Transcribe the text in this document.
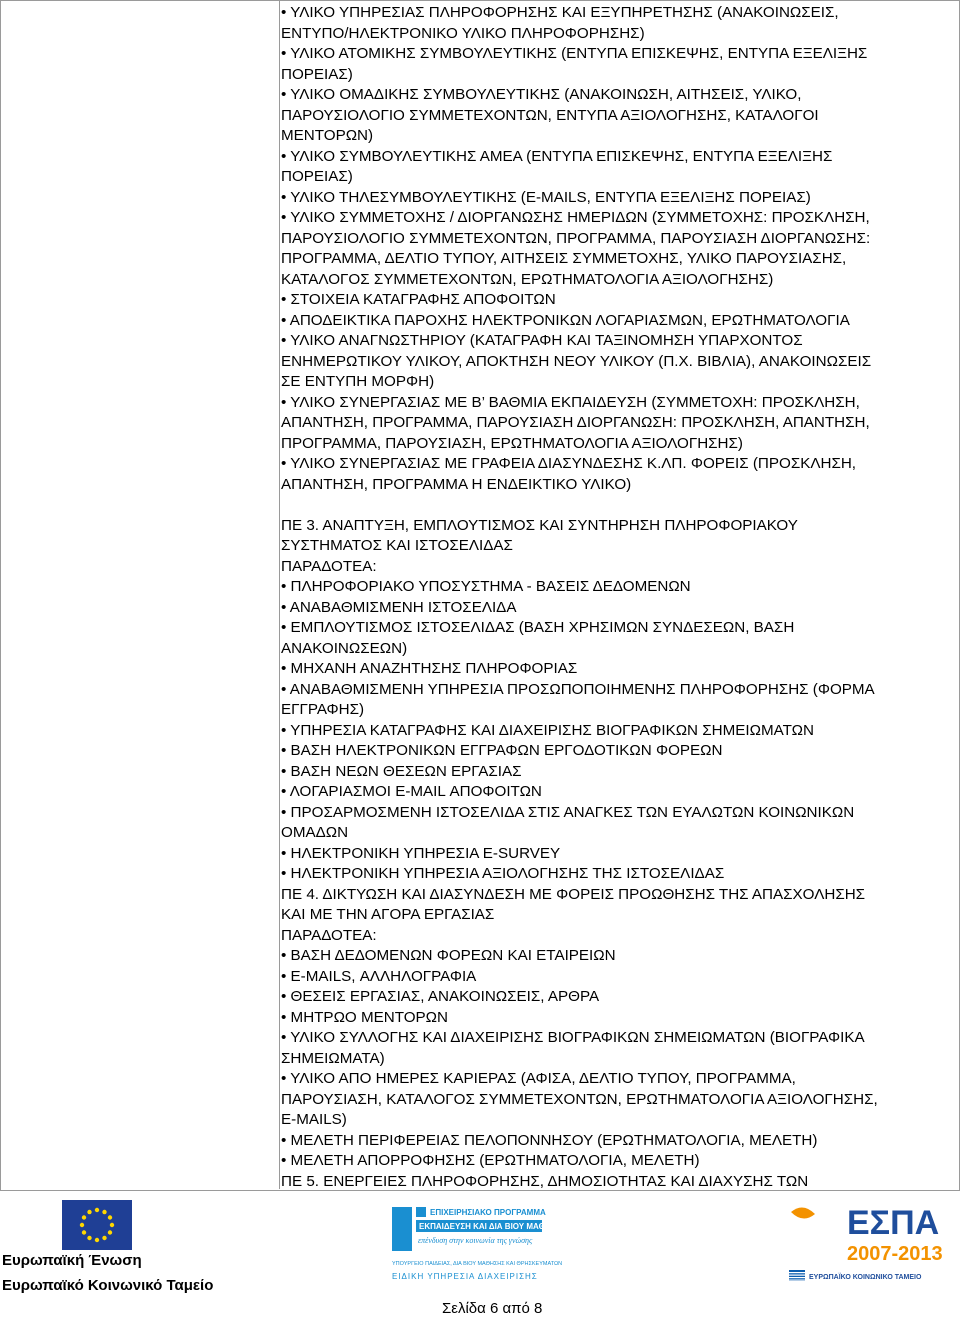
• ΥΛΙΚΟ ΥΠΗΡΕΣΙΑΣ ΠΛΗΡΟΦΟΡΗΣΗΣ ΚΑΙ ΕΞΥΠΗΡΕΤΗΣΗΣ (ΑΝΑΚΟΙΝΩΣΕΙΣ,
ΕΝΤΥΠΟ/ΗΛΕΚΤΡΟΝΙΚΟ ΥΛΙΚΟ ΠΛΗΡΟΦΟΡΗΣΗΣ)
• ΥΛΙΚΟ ΑΤΟΜΙΚΗΣ ΣΥΜΒΟΥΛΕΥΤΙΚΗΣ (ΕΝΤΥΠΑ ΕΠΙΣΚΕΨΗΣ, ΕΝΤΥΠΑ ΕΞΕΛΙΞΗΣ
ΠΟΡΕΙΑΣ)
• ΥΛΙΚΟ ΟΜΑΔΙΚΗΣ ΣΥΜΒΟΥΛΕΥΤΙΚΗΣ (ΑΝΑΚΟΙΝΩΣΗ, ΑΙΤΗΣΕΙΣ, ΥΛΙΚΟ,
ΠΑΡΟΥΣΙΟΛΟΓΙΟ ΣΥΜΜΕΤΕΧΟΝΤΩΝ, ΕΝΤΥΠΑ ΑΞΙΟΛΟΓΗΣΗΣ, ΚΑΤΑΛΟΓΟΙ
ΜΕΝΤΟΡΩΝ)
• ΥΛΙΚΟ ΣΥΜΒΟΥΛΕΥΤΙΚΗΣ ΑΜΕΑ (ΕΝΤΥΠΑ ΕΠΙΣΚΕΨΗΣ, ΕΝΤΥΠΑ ΕΞΕΛΙΞΗΣ
ΠΟΡΕΙΑΣ)
• ΥΛΙΚΟ ΤΗΛΕΣΥΜΒΟΥΛΕΥΤΙΚΗΣ (E-MAILS, ΕΝΤΥΠΑ ΕΞΕΛΙΞΗΣ ΠΟΡΕΙΑΣ)
• ΥΛΙΚΟ ΣΥΜΜΕΤΟΧΗΣ / ΔΙΟΡΓΑΝΩΣΗΣ ΗΜΕΡΙΔΩΝ (ΣΥΜΜΕΤΟΧΗΣ: ΠΡΟΣΚΛΗΣΗ,
ΠΑΡΟΥΣΙΟΛΟΓΙΟ ΣΥΜΜΕΤΕΧΟΝΤΩΝ, ΠΡΟΓΡΑΜΜΑ, ΠΑΡΟΥΣΙΑΣΗ ΔΙΟΡΓΑΝΩΣΗΣ:
ΠΡΟΓΡΑΜΜΑ, ΔΕΛΤΙΟ ΤΥΠΟΥ, ΑΙΤΗΣΕΙΣ ΣΥΜΜΕΤΟΧΗΣ, ΥΛΙΚΟ ΠΑΡΟΥΣΙΑΣΗΣ,
ΚΑΤΑΛΟΓΟΣ ΣΥΜΜΕΤΕΧΟΝΤΩΝ, ΕΡΩΤΗΜΑΤΟΛΟΓΙΑ ΑΞΙΟΛΟΓΗΣΗΣ)
• ΣΤΟΙΧΕΙΑ ΚΑΤΑΓΡΑΦΗΣ ΑΠΟΦΟΙΤΩΝ
• ΑΠΟΔΕΙΚΤΙΚΑ ΠΑΡΟΧΗΣ ΗΛΕΚΤΡΟΝΙΚΩΝ ΛΟΓΑΡΙΑΣΜΩΝ, ΕΡΩΤΗΜΑΤΟΛΟΓΙΑ
• ΥΛΙΚΟ ΑΝΑΓΝΩΣΤΗΡΙΟΥ (ΚΑΤΑΓΡΑΦΗ ΚΑΙ ΤΑΞΙΝΟΜΗΣΗ ΥΠΑΡΧΟΝΤΟΣ
ΕΝΗΜΕΡΩΤΙΚΟΥ ΥΛΙΚΟΥ, ΑΠΟΚΤΗΣΗ ΝΕΟΥ ΥΛΙΚΟΥ (Π.Χ. ΒΙΒΛΙΑ), ΑΝΑΚΟΙΝΩΣΕΙΣ
ΣΕ ΕΝΤΥΠΗ ΜΟΡΦΗ)
• ΥΛΙΚΟ ΣΥΝΕΡΓΑΣΙΑΣ ΜΕ Β’ ΒΑΘΜΙΑ ΕΚΠΑΙΔΕΥΣΗ (ΣΥΜΜΕΤΟΧΗ: ΠΡΟΣΚΛΗΣΗ,
ΑΠΑΝΤΗΣΗ, ΠΡΟΓΡΑΜΜΑ, ΠΑΡΟΥΣΙΑΣΗ ΔΙΟΡΓΑΝΩΣΗ: ΠΡΟΣΚΛΗΣΗ, ΑΠΑΝΤΗΣΗ,
ΠΡΟΓΡΑΜΜΑ, ΠΑΡΟΥΣΙΑΣΗ, ΕΡΩΤΗΜΑΤΟΛΟΓΙΑ ΑΞΙΟΛΟΓΗΣΗΣ)
• ΥΛΙΚΟ ΣΥΝΕΡΓΑΣΙΑΣ ΜΕ ΓΡΑΦΕΙΑ ΔΙΑΣΥΝΔΕΣΗΣ Κ.ΛΠ. ΦΟΡΕΙΣ (ΠΡΟΣΚΛΗΣΗ,
ΑΠΑΝΤΗΣΗ, ΠΡΟΓΡΑΜΜΑ Η ΕΝΔΕΙΚΤΙΚΟ ΥΛΙΚΟ)
ΠΕ 3. ΑΝΑΠΤΥΞΗ, ΕΜΠΛΟΥΤΙΣΜΟΣ ΚΑΙ ΣΥΝΤΗΡΗΣΗ ΠΛΗΡΟΦΟΡΙΑΚΟΥ
ΣΥΣΤΗΜΑΤΟΣ ΚΑΙ ΙΣΤΟΣΕΛΙΔΑΣ
ΠΑΡΑΔΟΤΕΑ:
• ΠΛΗΡΟΦΟΡΙΑΚΟ ΥΠΟΣΥΣΤΗΜΑ - ΒΑΣΕΙΣ ΔΕΔΟΜΕΝΩΝ
• ΑΝΑΒΑΘΜΙΣΜΕΝΗ ΙΣΤΟΣΕΛΙΔΑ
• ΕΜΠΛΟΥΤΙΣΜΟΣ ΙΣΤΟΣΕΛΙΔΑΣ (ΒΑΣΗ ΧΡΗΣΙΜΩΝ ΣΥΝΔΕΣΕΩΝ, ΒΑΣΗ
ΑΝΑΚΟΙΝΩΣΕΩΝ)
• ΜΗΧΑΝΗ ΑΝΑΖΗΤΗΣΗΣ ΠΛΗΡΟΦΟΡΙΑΣ
• ΑΝΑΒΑΘΜΙΣΜΕΝΗ ΥΠΗΡΕΣΙΑ ΠΡΟΣΩΠΟΠΟΙΗΜΕΝΗΣ ΠΛΗΡΟΦΟΡΗΣΗΣ (ΦΟΡΜΑ
ΕΓΓΡΑΦΗΣ)
• ΥΠΗΡΕΣΙΑ ΚΑΤΑΓΡΑΦΗΣ ΚΑΙ ΔΙΑΧΕΙΡΙΣΗΣ ΒΙΟΓΡΑΦΙΚΩΝ ΣΗΜΕΙΩΜΑΤΩΝ
• ΒΑΣΗ ΗΛΕΚΤΡΟΝΙΚΩΝ ΕΓΓΡΑΦΩΝ ΕΡΓΟΔΟΤΙΚΩΝ ΦΟΡΕΩΝ
• ΒΑΣΗ ΝΕΩΝ ΘΕΣΕΩΝ ΕΡΓΑΣΙΑΣ
• ΛΟΓΑΡΙΑΣΜΟΙ E-MAIL ΑΠΟΦΟΙΤΩΝ
• ΠΡΟΣΑΡΜΟΣΜΕΝΗ ΙΣΤΟΣΕΛΙΔΑ ΣΤΙΣ ΑΝΑΓΚΕΣ ΤΩΝ ΕΥΑΛΩΤΩΝ ΚΟΙΝΩΝΙΚΩΝ
ΟΜΑΔΩΝ
• ΗΛΕΚΤΡΟΝΙΚΗ ΥΠΗΡΕΣΙΑ E-SURVEY
• ΗΛΕΚΤΡΟΝΙΚΗ ΥΠΗΡΕΣΙΑ ΑΞΙΟΛΟΓΗΣΗΣ ΤΗΣ ΙΣΤΟΣΕΛΙΔΑΣ
ΠΕ 4. ΔΙΚΤΥΩΣΗ ΚΑΙ ΔΙΑΣΥΝΔΕΣΗ ΜΕ ΦΟΡΕΙΣ ΠΡΟΩΘΗΣΗΣ ΤΗΣ ΑΠΑΣΧΟΛΗΣΗΣ
ΚΑΙ ΜΕ ΤΗΝ ΑΓΟΡΑ ΕΡΓΑΣΙΑΣ
ΠΑΡΑΔΟΤΕΑ:
• ΒΑΣΗ ΔΕΔΟΜΕΝΩΝ ΦΟΡΕΩΝ ΚΑΙ ΕΤΑΙΡΕΙΩΝ
• E-MAILS, ΑΛΛΗΛΟΓΡΑΦΙΑ
• ΘΕΣΕΙΣ ΕΡΓΑΣΙΑΣ, ΑΝΑΚΟΙΝΩΣΕΙΣ, ΑΡΘΡΑ
• ΜΗΤΡΩΟ ΜΕΝΤΟΡΩΝ
• ΥΛΙΚΟ ΣΥΛΛΟΓΗΣ ΚΑΙ ΔΙΑΧΕΙΡΙΣΗΣ ΒΙΟΓΡΑΦΙΚΩΝ ΣΗΜΕΙΩΜΑΤΩΝ (ΒΙΟΓΡΑΦΙΚΑ
ΣΗΜΕΙΩΜΑΤΑ)
• ΥΛΙΚΟ ΑΠΟ ΗΜΕΡΕΣ ΚΑΡΙΕΡΑΣ (ΑΦΙΣΑ, ΔΕΛΤΙΟ ΤΥΠΟΥ, ΠΡΟΓΡΑΜΜΑ,
ΠΑΡΟΥΣΙΑΣΗ, ΚΑΤΑΛΟΓΟΣ ΣΥΜΜΕΤΕΧΟΝΤΩΝ, ΕΡΩΤΗΜΑΤΟΛΟΓΙΑ ΑΞΙΟΛΟΓΗΣΗΣ,
E-MAILS)
• ΜΕΛΕΤΗ ΠΕΡΙΦΕΡΕΙΑΣ ΠΕΛΟΠΟΝΝΗΣΟΥ (ΕΡΩΤΗΜΑΤΟΛΟΓΙΑ, ΜΕΛΕΤΗ)
• ΜΕΛΕΤΗ ΑΠΟΡΡΟΦΗΣΗΣ (ΕΡΩΤΗΜΑΤΟΛΟΓΙΑ, ΜΕΛΕΤΗ)
ΠΕ 5. ΕΝΕΡΓΕΙΕΣ ΠΛΗΡΟΦΟΡΗΣΗΣ, ΔΗΜΟΣΙΟΤΗΤΑΣ ΚΑΙ ΔΙΑΧΥΣΗΣ ΤΩΝ
Ευρωπαϊκή Ένωση
Ευρωπαϊκό Κοινωνικό Ταμείο
ΕΠΙΧΕΙΡΗΣΙΑΚΟ ΠΡΟΓΡΑΜΜΑ
ΕΚΠΑΙΔΕΥΣΗ ΚΑΙ ΔΙΑ ΒΙΟΥ ΜΑΘΗΣΗ
επένδυση στην κοινωνία της γνώσης
ΥΠΟΥΡΓΕΙΟ ΠΑΙΔΕΙΑΣ, ΔΙΑ ΒΙΟΥ ΜΑΘΗΣΗΣ ΚΑΙ ΘΡΗΣΚΕΥΜΑΤΩΝ
ΕΙΔΙΚΗ ΥΠΗΡΕΣΙΑ ΔΙΑΧΕΙΡΙΣΗΣ
ΕΣΠΑ
2007-2013
ΕΥΡΩΠΑΪΚΟ ΚΟΙΝΩΝΙΚΟ ΤΑΜΕΙΟ
Σελίδα 6 από 8
